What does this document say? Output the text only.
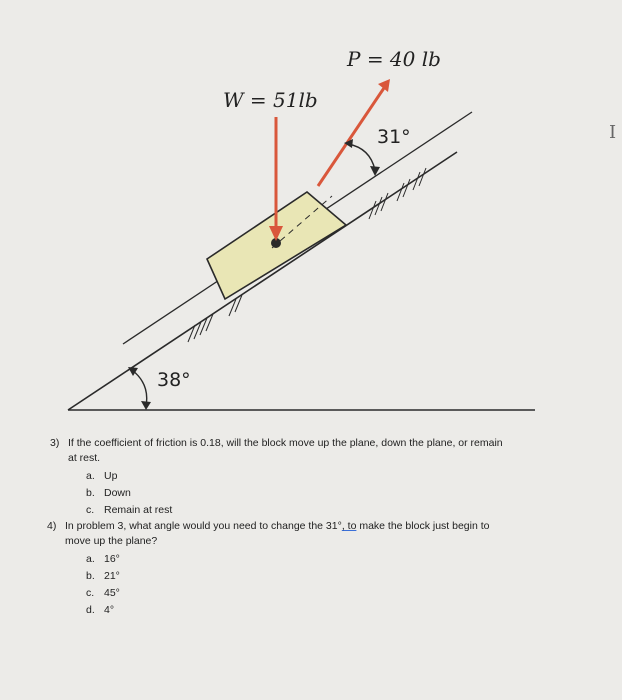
P = 40 lb
W = 51lb
31°
38°
I
3) If the coefficient of friction is 0.18, will the block move up the plane, down the plane, or remain
at rest.
a. Up
b. Down
c. Remain at rest
4) In problem 3, what angle would you need to change the 31°, to make the block just begin to
move up the plane?
a. 16°
b. 21°
c. 45°
d. 4°
